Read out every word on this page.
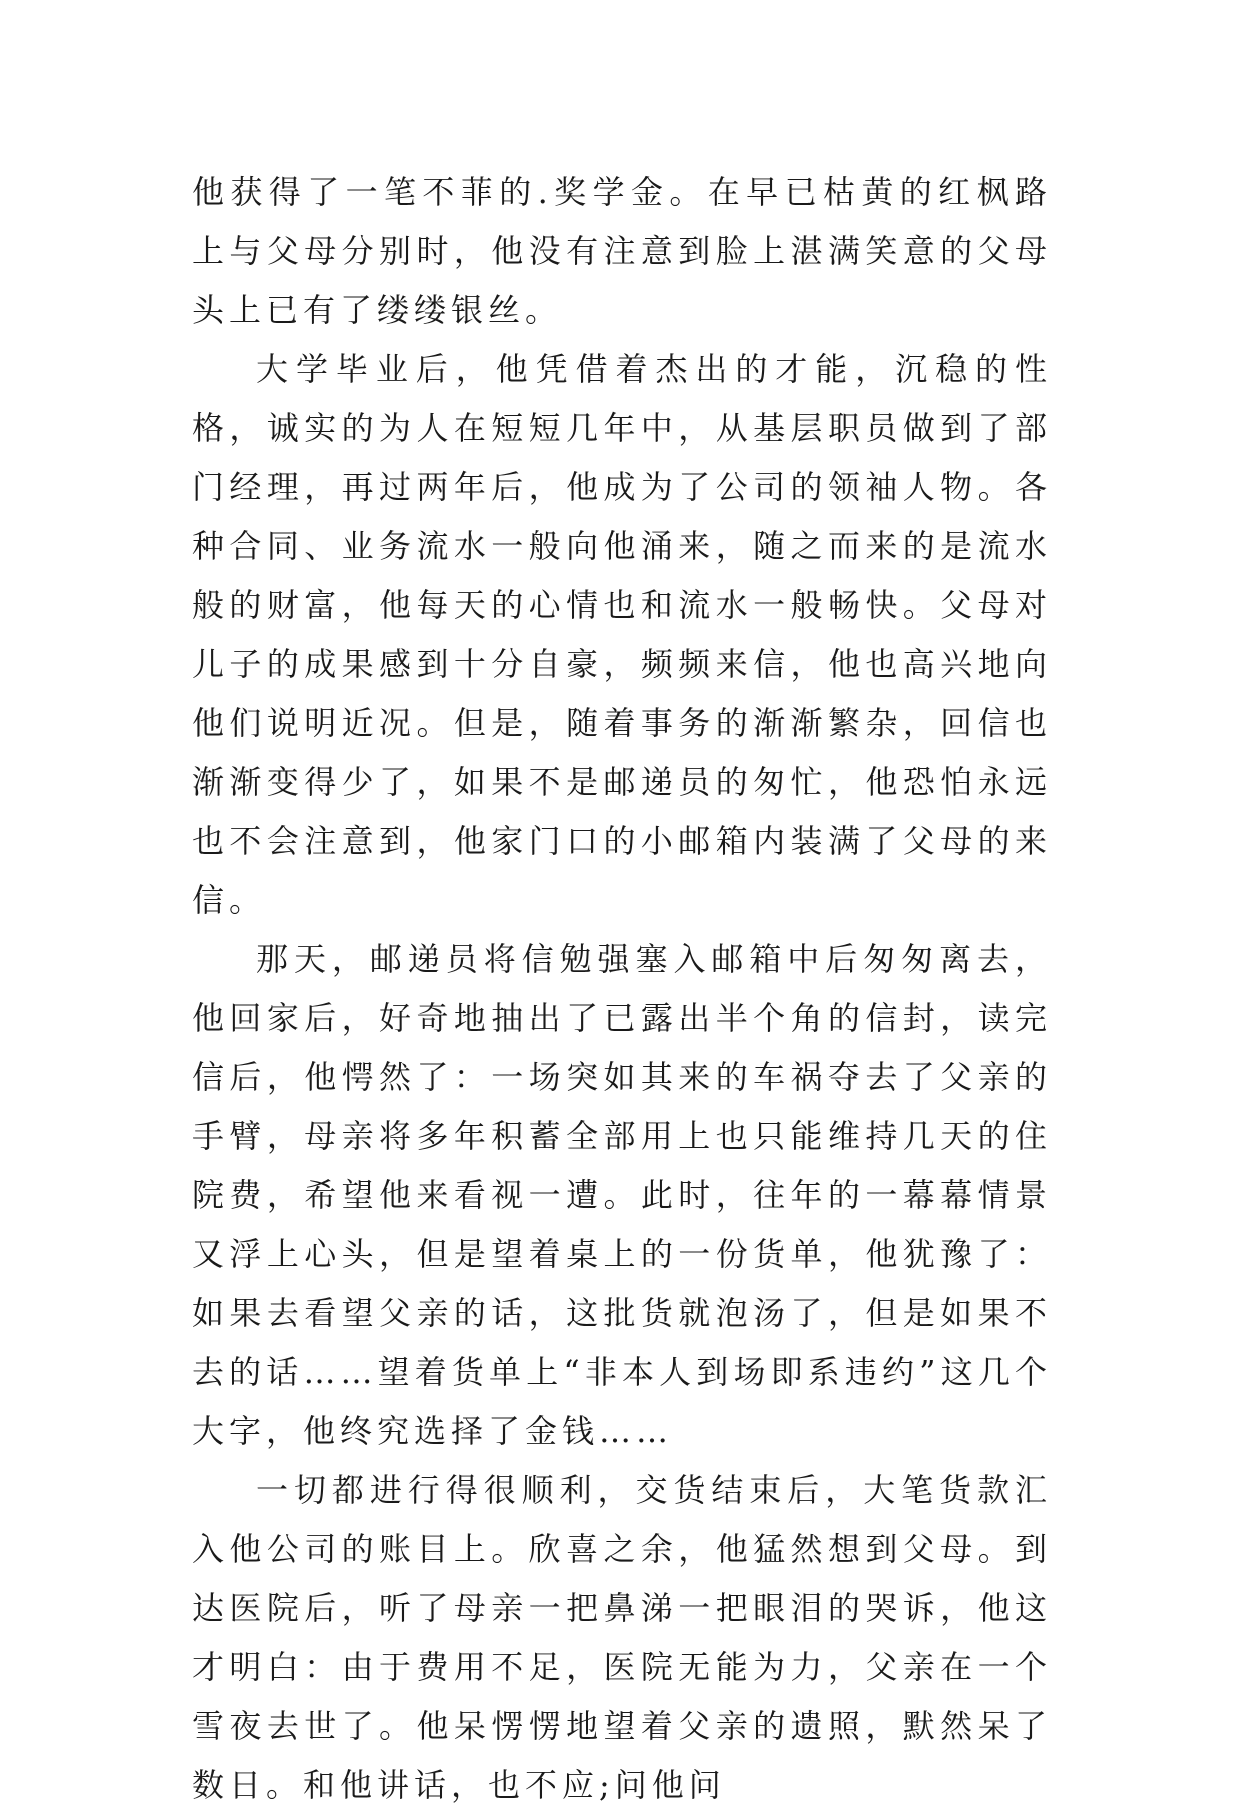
他获得了一笔不菲的.奖学金。在早已枯黄的红枫路上与父母分别时，他没有注意到脸上湛满笑意的父母头上已有了缕缕银丝。

大学毕业后，他凭借着杰出的才能，沉稳的性格，诚实的为人在短短几年中，从基层职员做到了部门经理，再过两年后，他成为了公司的领袖人物。各种合同、业务流水一般向他涌来，随之而来的是流水般的财富，他每天的心情也和流水一般畅快。父母对儿子的成果感到十分自豪，频频来信，他也高兴地向他们说明近况。但是，随着事务的渐渐繁杂，回信也渐渐变得少了，如果不是邮递员的匆忙，他恐怕永远也不会注意到，他家门口的小邮箱内装满了父母的来信。

那天，邮递员将信勉强塞入邮箱中后匆匆离去，他回家后，好奇地抽出了已露出半个角的信封，读完信后，他愕然了：一场突如其来的车祸夺去了父亲的手臂，母亲将多年积蓄全部用上也只能维持几天的住院费，希望他来看视一遭。此时，往年的一幕幕情景又浮上心头，但是望着桌上的一份货单，他犹豫了：如果去看望父亲的话，这批货就泡汤了，但是如果不去的话……望着货单上“非本人到场即系违约”这几个大字，他终究选择了金钱……

一切都进行得很顺利，交货结束后，大笔货款汇入他公司的账目上。欣喜之余，他猛然想到父母。到达医院后，听了母亲一把鼻涕一把眼泪的哭诉，他这才明白：由于费用不足，医院无能为力，父亲在一个雪夜去世了。他呆愣愣地望着父亲的遗照，默然呆了数日。和他讲话，也不应;问他问
